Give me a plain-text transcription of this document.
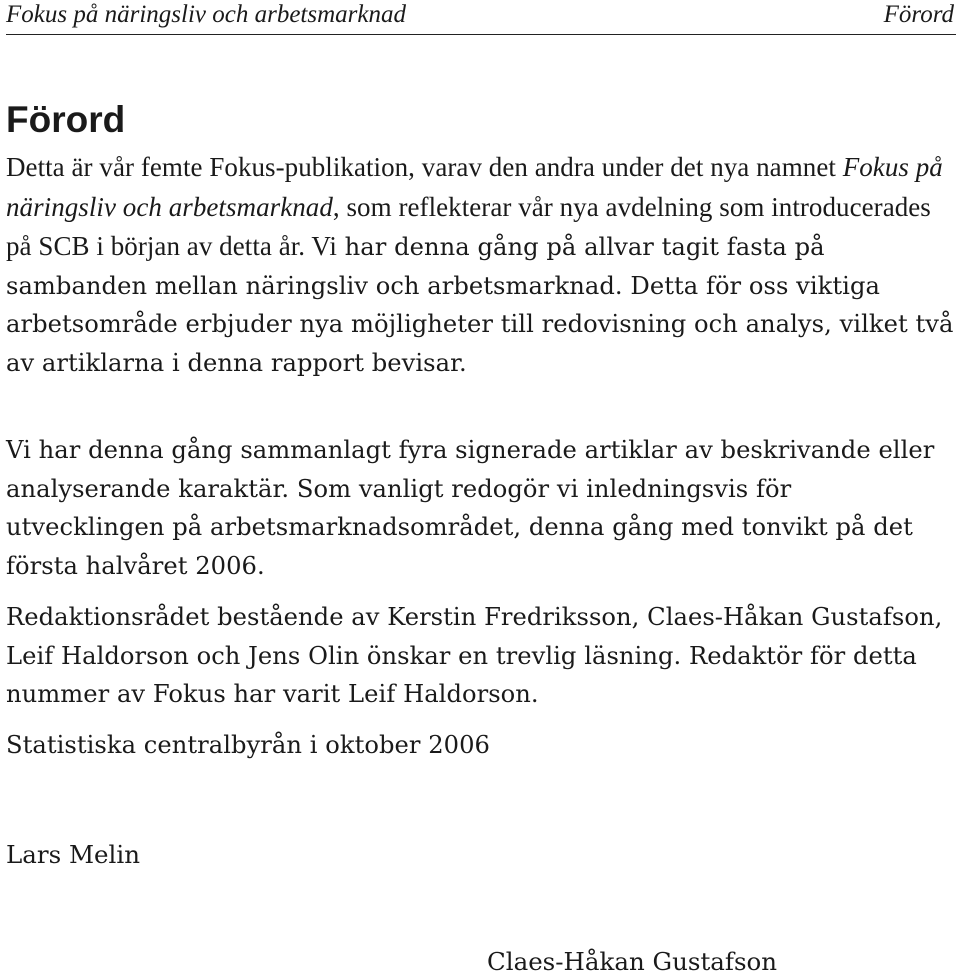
Fokus på näringsliv och arbetsmarknad	Förord
Förord

Detta är vår femte Fokus-publikation, varav den andra under det nya namnet Fokus på näringsliv och arbetsmarknad, som reflekterar vår nya avdelning som introducerades på SCB i början av detta år. Vi har denna gång på allvar tagit fasta på sambanden mellan näringsliv och arbetsmarknad. Detta för oss viktiga arbetsområde erbjuder nya möjligheter till redovisning och analys, vilket två av artiklarna i denna rapport bevisar.

Vi har denna gång sammanlagt fyra signerade artiklar av beskrivande eller analyserande karaktär. Som vanligt redogör vi inledningsvis för utvecklingen på arbetsmarknadsområdet, denna gång med tonvikt på det första halvåret 2006.

Redaktionsrådet bestående av Kerstin Fredriksson, Claes-Håkan Gustafson, Leif Haldorson och Jens Olin önskar en trevlig läsning. Redaktör för detta nummer av Fokus har varit Leif Haldorson.

Statistiska centralbyrån i oktober 2006

Lars Melin

Claes-Håkan Gustafson
